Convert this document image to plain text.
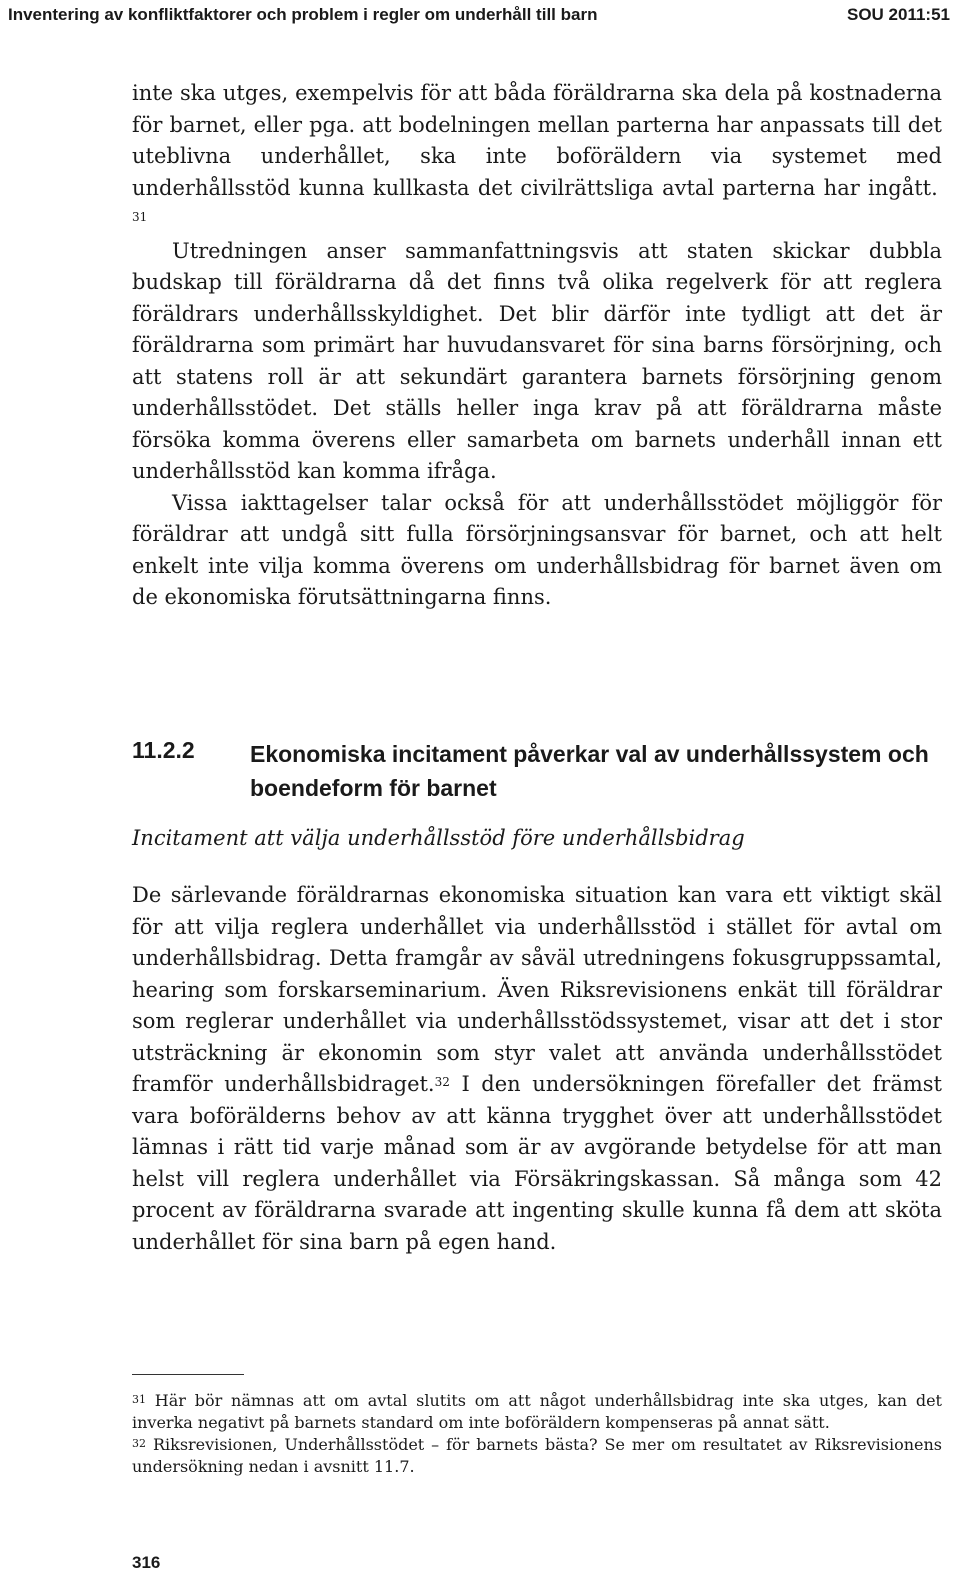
Inventering av konfliktfaktorer och problem i regler om underhåll till barn	SOU 2011:51

inte ska utges, exempelvis för att båda föräldrarna ska dela på kostnaderna för barnet, eller pga. att bodelningen mellan parterna har anpassats till det uteblivna underhållet, ska inte boföräldern via systemet med underhållsstöd kunna kullkasta det civilrättsliga avtal parterna har ingått. $^{31}$

Utredningen anser sammanfattningsvis att staten skickar dubbla budskap till föräldrarna då det finns två olika regelverk för att reglera föräldrars underhållsskyldighet. Det blir därför inte tydligt att det är föräldrarna som primärt har huvudansvaret för sina barns försörjning, och att statens roll är att sekundärt garantera barnets försörjning genom underhållsstödet. Det ställs heller inga krav på att föräldrarna måste försöka komma överens eller samarbeta om barnets underhåll innan ett underhållsstöd kan komma ifråga.

Vissa iakttagelser talar också för att underhållsstödet möjliggör för föräldrar att undgå sitt fulla försörjningsansvar för barnet, och att helt enkelt inte vilja komma överens om underhållsbidrag för barnet även om de ekonomiska förutsättningarna finns.

11.2.2 Ekonomiska incitament påverkar val av underhållssystem och boendeform för barnet
Incitament att välja underhållsstöd före underhållsbidrag

De särlevande föräldrarnas ekonomiska situation kan vara ett viktigt skäl för att vilja reglera underhållet via underhållsstöd i stället för avtal om underhållsbidrag. Detta framgår av såväl utredningens fokusgruppssamtal, hearing som forskarseminarium. Även Riksrevisionens enkät till föräldrar som reglerar underhållet via underhållsstödssystemet, visar att det i stor utsträckning är ekonomin som styr valet att använda underhållsstödet framför underhållsbidraget.$^{32}$ I den undersökningen förefaller det främst vara boförälderns behov av att känna trygghet över att underhållsstödet lämnas i rätt tid varje månad som är av avgörande betydelse för att man helst vill reglera underhållet via Försäkringskassan. Så många som 42 procent av föräldrarna svarade att ingenting skulle kunna få dem att sköta underhållet för sina barn på egen hand.

$^{31}$ Här bör nämnas att om avtal slutits om att något underhållsbidrag inte ska utges, kan det inverka negativt på barnets standard om inte boföräldern kompenseras på annat sätt.

$^{32}$ Riksrevisionen, Underhållsstödet – för barnets bästa? Se mer om resultatet av Riksrevisionens undersökning nedan i avsnitt 11.7.

316
